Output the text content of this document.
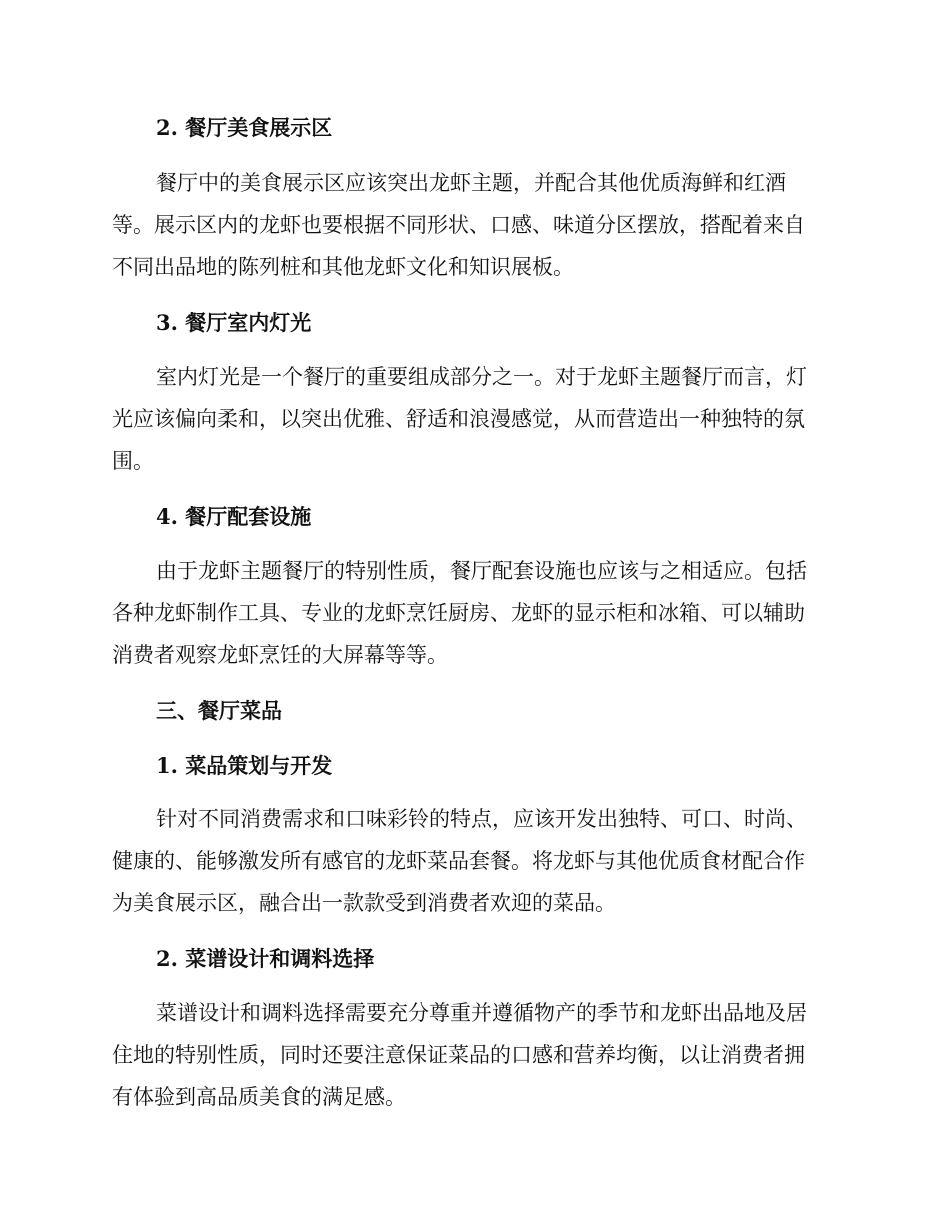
2. 餐厅美食展示区
餐厅中的美食展示区应该突出龙虾主题，并配合其他优质海鲜和红酒
等。展示区内的龙虾也要根据不同形状、口感、味道分区摆放，搭配着来自
不同出品地的陈列桩和其他龙虾文化和知识展板。
3. 餐厅室内灯光
室内灯光是一个餐厅的重要组成部分之一。对于龙虾主题餐厅而言，灯
光应该偏向柔和，以突出优雅、舒适和浪漫感觉，从而营造出一种独特的氛
围。
4. 餐厅配套设施
由于龙虾主题餐厅的特别性质，餐厅配套设施也应该与之相适应。包括
各种龙虾制作工具、专业的龙虾烹饪厨房、龙虾的显示柜和冰箱、可以辅助
消费者观察龙虾烹饪的大屏幕等等。
三、餐厅菜品
1. 菜品策划与开发
针对不同消费需求和口味彩铃的特点，应该开发出独特、可口、时尚、
健康的、能够激发所有感官的龙虾菜品套餐。将龙虾与其他优质食材配合作
为美食展示区，融合出一款款受到消费者欢迎的菜品。
2. 菜谱设计和调料选择
菜谱设计和调料选择需要充分尊重并遵循物产的季节和龙虾出品地及居
住地的特别性质，同时还要注意保证菜品的口感和营养均衡，以让消费者拥
有体验到高品质美食的满足感。
